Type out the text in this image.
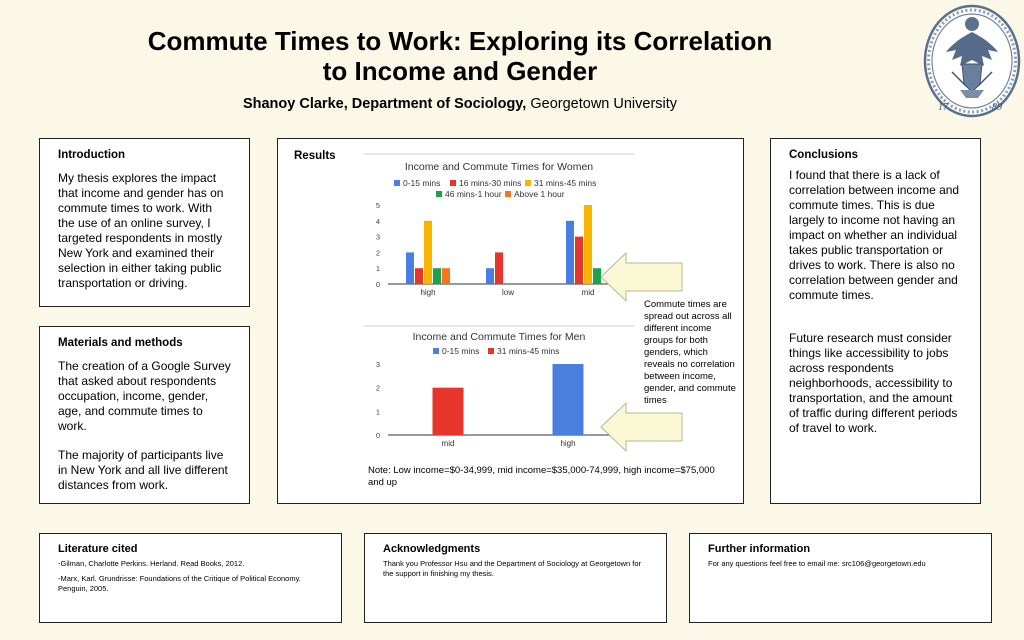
Commute Times to Work: Exploring its Correlation
to Income and Gender
Shanoy Clarke, Department of Sociology, Georgetown University	17	89
Introduction

My thesis explores the impact that income and gender has on commute times to work. With the use of an online survey, I targeted respondents in mostly New York and examined their selection in either taking public transportation or driving.

Materials and methods

The creation of a Google Survey that asked about respondents occupation, income, gender, age, and commute times to work.

The majority of participants live in New York and all live different distances from work.

Results
Income and Commute Times for Women
0-15 mins 16 mins-30 mins 31 mins-45 mins
46 mins-1 hour Above 1 hour
0
1
2
3
4
5
high	low	mid
Income and Commute Times for Men
0-15 mins 31 mins-45 mins
0
1
2
3
mid	high
Commute times are spread out across all different income groups for both genders, which reveals no correlation between income, gender, and commute times
Note: Low income=$0-34,999, mid income=$35,000-74,999, high income=$75,000 and up
Conclusions

I found that there is a lack of correlation between income and commute times. This is due largely to income not having an impact on whether an individual takes public transportation or drives to work. There is also no correlation between gender and commute times.

Future research must consider things like accessibility to jobs across respondents neighborhoods, accessibility to transportation, and the amount of traffic during different periods of travel to work.

Literature cited

-Gilman, Charlotte Perkins. Herland. Read Books, 2012.

-Marx, Karl. Grundrisse: Foundations of the Critique of Political Economy. Penguin, 2005.

Acknowledgments

Thank you Professor Hsu and the Department of Sociology at Georgetown for the support in finishing my thesis.

Further information

For any questions feel free to email me: src106@georgetown.edu
